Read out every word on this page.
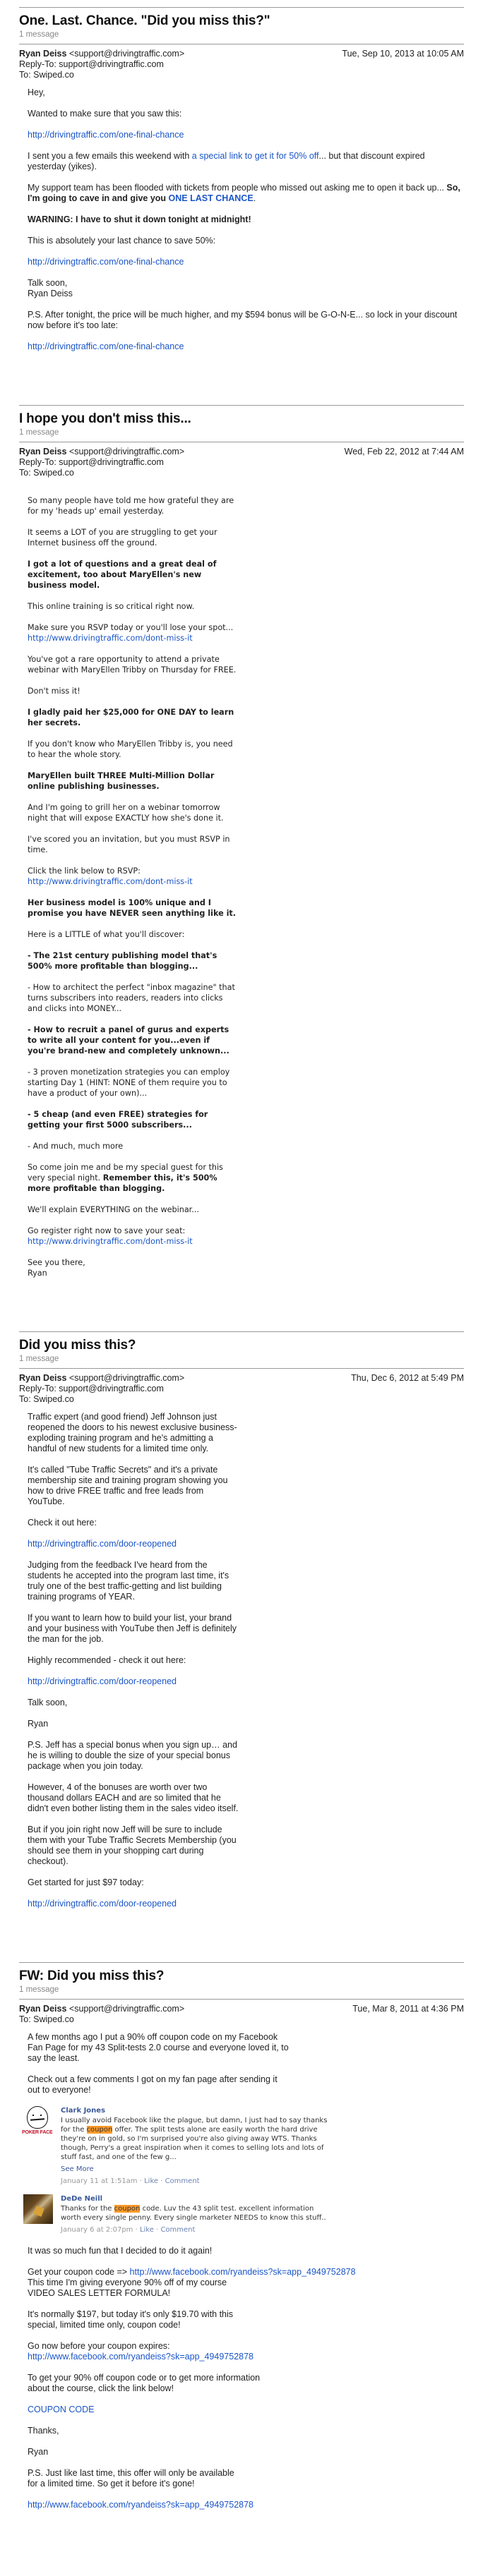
One. Last. Chance. "Did you miss this?"
1 message
Ryan Deiss <support@drivingtraffic.com>
Reply-To: support@drivingtraffic.com
To: Swiped.co
Tue, Sep 10, 2013 at 10:05 AM

Hey,

Wanted to make sure that you saw this:

http://drivingtraffic.com/one-final-chance

I sent you a few emails this weekend with a special link to get it for 50% off... but that discount expired yesterday (yikes).

My support team has been flooded with tickets from people who missed out asking me to open it back up... So, I'm going to cave in and give you ONE LAST CHANCE.

WARNING: I have to shut it down tonight at midnight!

This is absolutely your last chance to save 50%:

http://drivingtraffic.com/one-final-chance

Talk soon,
Ryan Deiss

P.S. After tonight, the price will be much higher, and my $594 bonus will be G-O-N-E... so lock in your discount now before it's too late:

http://drivingtraffic.com/one-final-chance

I hope you don't miss this...
1 message
Ryan Deiss <support@drivingtraffic.com>
Reply-To: support@drivingtraffic.com
To: Swiped.co
Wed, Feb 22, 2012 at 7:44 AM

So many people have told me how grateful they are for my 'heads up' email yesterday.

It seems a LOT of you are struggling to get your Internet business off the ground.

I got a lot of questions and a great deal of excitement, too about MaryEllen's new business model.

This online training is so critical right now.

Make sure you RSVP today or you'll lose your spot...
http://www.drivingtraffic.com/dont-miss-it

You've got a rare opportunity to attend a private webinar with MaryEllen Tribby on Thursday for FREE.

Don't miss it!

I gladly paid her $25,000 for ONE DAY to learn her secrets.

If you don't know who MaryEllen Tribby is, you need to hear the whole story.

MaryEllen built THREE Multi-Million Dollar online publishing businesses.

And I'm going to grill her on a webinar tomorrow night that will expose EXACTLY how she's done it.

I've scored you an invitation, but you must RSVP in time.

Click the link below to RSVP:
http://www.drivingtraffic.com/dont-miss-it

Her business model is 100% unique and I promise you have NEVER seen anything like it.

Here is a LITTLE of what you'll discover:

- The 21st century publishing model that's 500% more profitable than blogging...

- How to architect the perfect "inbox magazine" that turns subscribers into readers, readers into clicks and clicks into MONEY...

- How to recruit a panel of gurus and experts to write all your content for you...even if you're brand-new and completely unknown...

- 3 proven monetization strategies you can employ starting Day 1 (HINT: NONE of them require you to have a product of your own)...

- 5 cheap (and even FREE) strategies for getting your first 5000 subscribers...

- And much, much more

So come join me and be my special guest for this very special night. Remember this, it's 500% more profitable than blogging.

We'll explain EVERYTHING on the webinar...

Go register right now to save your seat:
http://www.drivingtraffic.com/dont-miss-it

See you there,
Ryan

Did you miss this?
1 message
Ryan Deiss <support@drivingtraffic.com>
Reply-To: support@drivingtraffic.com
To: Swiped.co
Thu, Dec 6, 2012 at 5:49 PM

Traffic expert (and good friend) Jeff Johnson just reopened the doors to his newest exclusive business-exploding training program and he's admitting a handful of new students for a limited time only.

It's called "Tube Traffic Secrets" and it's a private membership site and training program showing you how to drive FREE traffic and free leads from YouTube.

Check it out here:

http://drivingtraffic.com/door-reopened

Judging from the feedback I've heard from the students he accepted into the program last time, it's truly one of the best traffic-getting and list building training programs of YEAR.

If you want to learn how to build your list, your brand and your business with YouTube then Jeff is definitely the man for the job.

Highly recommended - check it out here:

http://drivingtraffic.com/door-reopened

Talk soon,

Ryan

P.S. Jeff has a special bonus when you sign up… and he is willing to double the size of your special bonus package when you join today.

However, 4 of the bonuses are worth over two thousand dollars EACH and are so limited that he didn't even bother listing them in the sales video itself.

But if you join right now Jeff will be sure to include them with your Tube Traffic Secrets Membership (you should see them in your shopping cart during checkout).

Get started for just $97 today:

http://drivingtraffic.com/door-reopened

FW: Did you miss this?
1 message
Ryan Deiss <support@drivingtraffic.com>
To: Swiped.co
Tue, Mar 8, 2011 at 4:36 PM

A few months ago I put a 90% off coupon code on my Facebook Fan Page for my 43 Split-tests 2.0 course and everyone loved it, to say the least.

Check out a few comments I got on my fan page after sending it out to everyone!

POKER FACE
Clark Jones
I usually avoid Facebook like the plague, but damn, I just had to say thanks for the coupon offer. The split tests alone are easily worth the hard drive they're on in gold, so I'm surprised you're also giving away WTS. Thanks though, Perry's a great inspiration when it comes to selling lots and lots of stuff fast, and one of the few g...
See More
January 11 at 1:51am · Like · Comment
DeDe Neill
Thanks for the coupon code. Luv the 43 split test. excellent information worth every single penny. Every single marketer NEEDS to know this stuff..
January 6 at 2:07pm · Like · Comment

It was so much fun that I decided to do it again!

Get your coupon code => http://www.facebook.com/ryandeiss?sk=app_4949752878
This time I'm giving everyone 90% off of my course
VIDEO SALES LETTER FORMULA!

It's normally $197, but today it's only $19.70 with this special, limited time only, coupon code!

Go now before your coupon expires:
http://www.facebook.com/ryandeiss?sk=app_4949752878

To get your 90% off coupon code or to get more information about the course, click the link below!

COUPON CODE

Thanks,

Ryan

P.S. Just like last time, this offer will only be available for a limited time. So get it before it's gone!

http://www.facebook.com/ryandeiss?sk=app_4949752878
